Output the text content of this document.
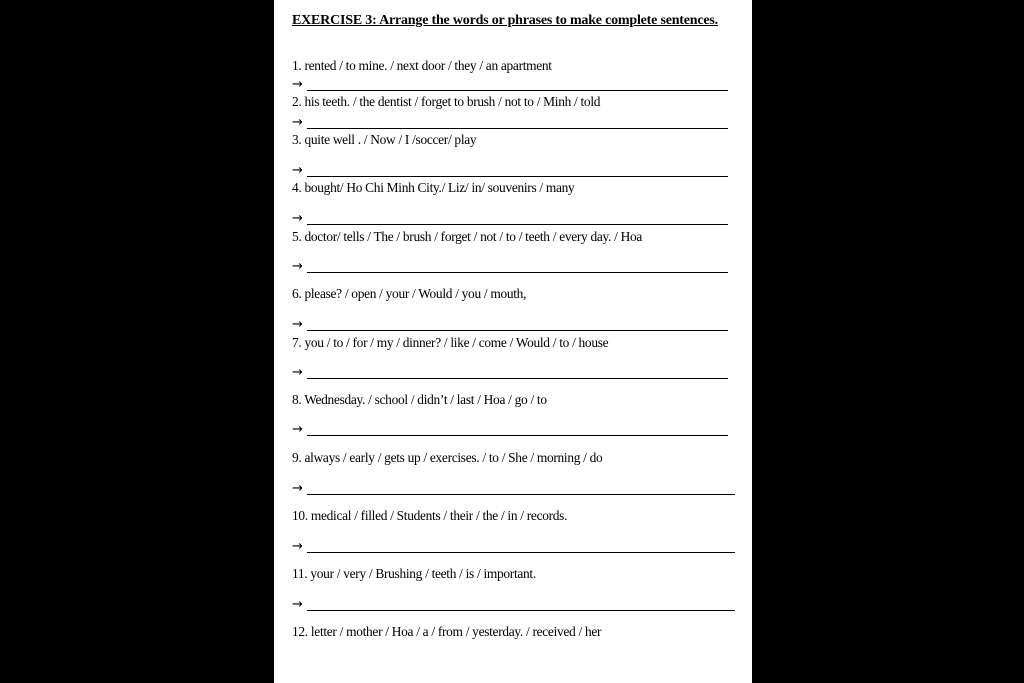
EXERCISE 3: Arrange the words or phrases to make complete sentences.
1. rented / to mine. / next door / they / an apartment
→
2. his teeth. / the dentist / forget to brush / not to / Minh / told
→
3. quite well . / Now / I /soccer/ play
→
4. bought/ Ho Chi Minh City./ Liz/ in/ souvenirs / many
→
5. doctor/ tells / The / brush / forget / not / to / teeth / every day. / Hoa
→
6. please? / open / your / Would / you / mouth,
→
7. you / to / for / my / dinner? / like / come / Would / to / house
→
8. Wednesday. / school / didn’t / last / Hoa / go / to
→
9. always / early / gets up / exercises. / to / She / morning / do
→
10. medical / filled / Students / their / the / in / records.
→
11. your / very / Brushing / teeth / is / important.
→
12. letter / mother / Hoa / a / from / yesterday. / received / her
